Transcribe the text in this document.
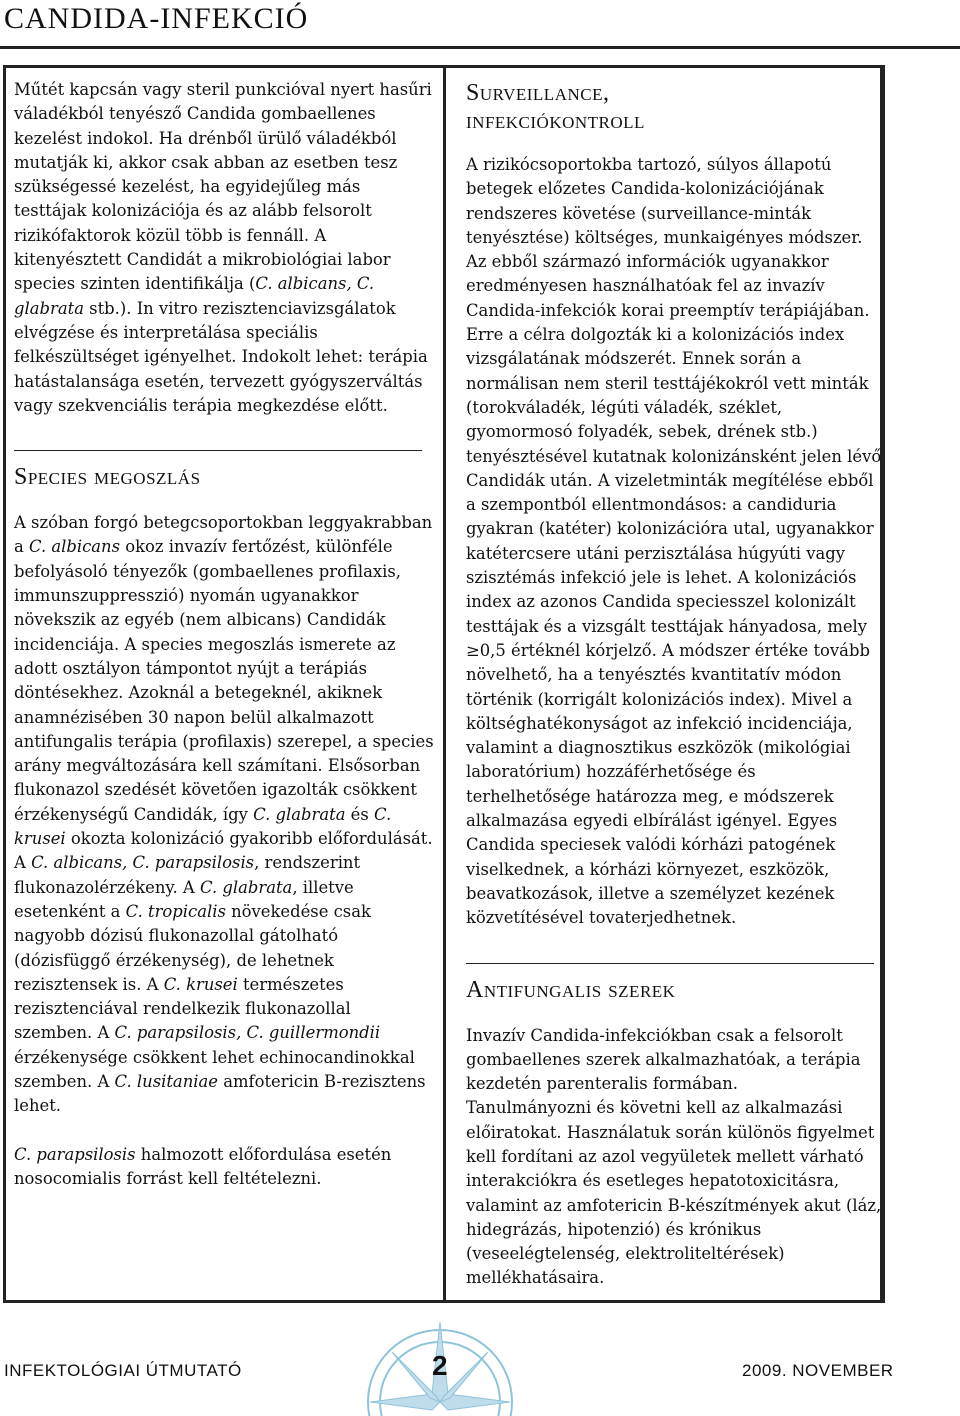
CANDIDA-INFEKCIÓ

Műtét kapcsán vagy steril punkcióval nyert hasűri váladékból tenyésző Candida gombaellenes kezelést indokol. Ha drénből ürülő váladékból mutatják ki, akkor csak abban az esetben tesz szükségessé kezelést, ha egyidejűleg más testtájak kolonizációja és az alább felsorolt rizikófaktorok közül több is fennáll. A kitenyésztett Candidát a mikrobiológiai labor species szinten identifikálja (C. albicans, C. glabrata stb.). In vitro rezisztenciavizsgálatok elvégzése és interpretálása speciális felkészültséget igényelhet. Indokolt lehet: terápia hatástalansága esetén, tervezett gyógyszerváltás vagy szekvenciális terápia megkezdése előtt.

Species megoszlás

A szóban forgó betegcsoportokban leggyakrabban a C. albicans okoz invazív fertőzést, különféle befolyásoló tényezők (gombaellenes profilaxis, immunszuppresszió) nyomán ugyanakkor növekszik az egyéb (nem albicans) Candidák incidenciája. A species megoszlás ismerete az adott osztályon támpontot nyújt a terápiás döntésekhez. Azoknál a betegeknél, akiknek anamnézisében 30 napon belül alkalmazott antifungalis terápia (profilaxis) szerepel, a species arány megváltozására kell számítani. Elsősorban flukonazol szedését követően igazolták csökkent érzékenységű Candidák, így C. glabrata és C. krusei okozta kolonizáció gyakoribb előfordulását. A C. albicans, C. parapsilosis, rendszerint flukonazolérzékeny. A C. glabrata, illetve esetenként a C. tropicalis növekedése csak nagyobb dózisú flukonazollal gátolható (dózisfüggő érzékenység), de lehetnek rezisztensek is. A C. krusei természetes rezisztenciával rendelkezik flukonazollal szemben. A C. parapsilosis, C. guillermondii érzékenysége csökkent lehet echinocandinokkal szemben. A C. lusitaniae amfotericin B-rezisztens lehet.

C. parapsilosis halmozott előfordulása esetén nosocomialis forrást kell feltételezni.

Surveillance, infekciókontroll

A rizikócsoportokba tartozó, súlyos állapotú betegek előzetes Candida-kolonizációjának rendszeres követése (surveillance-minták tenyésztése) költséges, munkaigényes módszer. Az ebből származó információk ugyanakkor eredményesen használhatóak fel az invazív Candida-infekciók korai preemptív terápiájában. Erre a célra dolgozták ki a kolonizációs index vizsgálatának módszerét. Ennek során a normálisan nem steril testtájékokról vett minták (torokváladék, légúti váladék, széklet, gyomormosó folyadék, sebek, drének stb.) tenyésztésével kutatnak kolonizánsként jelen lévő Candidák után. A vizeletminták megítélése ebből a szempontból ellentmondásos: a candiduria gyakran (katéter) kolonizációra utal, ugyanakkor katétercsere utáni perzisztálása húgyúti vagy szisztémás infekció jele is lehet. A kolonizációs index az azonos Candida speciesszel kolonizált testtájak és a vizsgált testtájak hányadosa, mely ≥0,5 értéknél kórjelző. A módszer értéke tovább növelhető, ha a tenyésztés kvantitatív módon történik (korrigált kolonizációs index). Mivel a költséghatékonyságot az infekció incidenciája, valamint a diagnosztikus eszközök (mikológiai laboratórium) hozzáférhetősége és terhelhetősége határozza meg, e módszerek alkalmazása egyedi elbírálást igényel. Egyes Candida speciesek valódi kórházi patogének viselkednek, a kórházi környezet, eszközök, beavatkozások, illetve a személyzet kezének közvetítésével tovaterjedhetnek.

Antifungalis szerek

Invazív Candida-infekciókban csak a felsorolt gombaellenes szerek alkalmazhatóak, a terápia kezdetén parenteralis formában.

Tanulmányozni és követni kell az alkalmazási előiratokat. Használatuk során különös figyelmet kell fordítani az azol vegyületek mellett várható interakciókra és esetleges hepatotoxicitásra, valamint az amfotericin B-készítmények akut (láz, hidegrázás, hipotenzió) és krónikus (veseelégtelenség, elektroliteltérések) mellékhatásaira.

INFEKTOLÓGIAI ÚTMUTATÓ	2	2009. NOVEMBER
